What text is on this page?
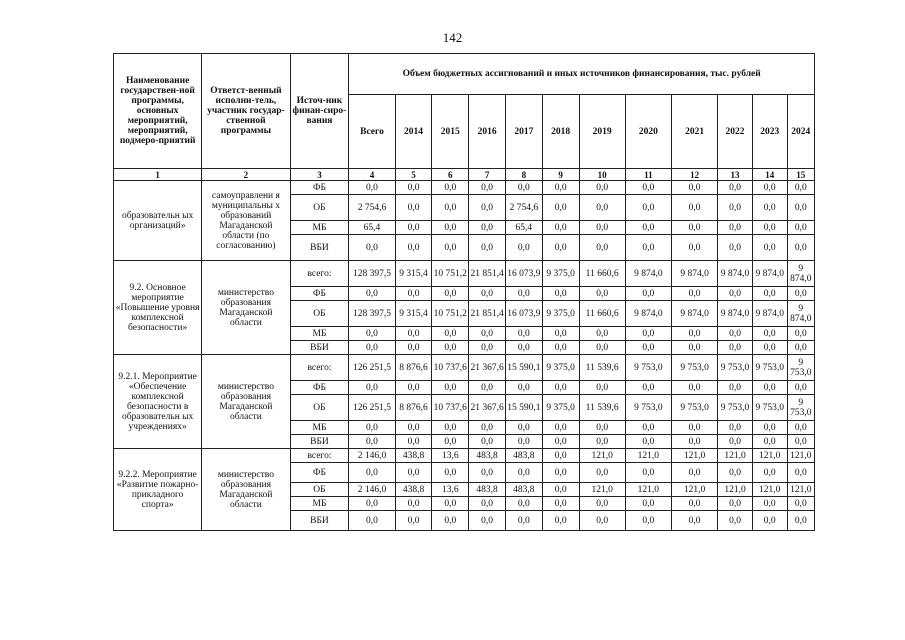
142
Наименование государствен-ной программы, основных мероприятий, мероприятий, подмеро-приятий	Ответст-венный исполни-тель, участник государ-ственной программы	Источ-ник финан-сиро-вания	Объем бюджетных ассигнований и иных источников финансирования, тыс. рублей											
			Всего	2014	2015	2016	2017	2018	2019	2020	2021	2022	2023	2024
1	2	3	4	5	6	7	8	9	10	11	12	13	14	15
образовательн ых организаций»	самоуправлени я муниципальны х образований Магаданской области (по согласованию)	ФБ	0,0	0,0	0,0	0,0	0,0	0,0	0,0	0,0	0,0	0,0	0,0	0,0
		ОБ	2 754,6	0,0	0,0	0,0	2 754,6	0,0	0,0	0,0	0,0	0,0	0,0	0,0
		МБ	65,4	0,0	0,0	0,0	65,4	0,0	0,0	0,0	0,0	0,0	0,0	0,0
		ВБИ	0,0	0,0	0,0	0,0	0,0	0,0	0,0	0,0	0,0	0,0	0,0	0,0
9.2. Основное мероприятие «Повышение уровня комплексной безопасности»	министерство образования Магаданской области	всего:	128 397,5	9 315,4	10 751,2	21 851,4	16 073,9	9 375,0	11 660,6	9 874,0	9 874,0	9 874,0	9 874,0	9 874,0
		ФБ	0,0	0,0	0,0	0,0	0,0	0,0	0,0	0,0	0,0	0,0	0,0	0,0
		ОБ	128 397,5	9 315,4	10 751,2	21 851,4	16 073,9	9 375,0	11 660,6	9 874,0	9 874,0	9 874,0	9 874,0	9 874,0
		МБ	0,0	0,0	0,0	0,0	0,0	0,0	0,0	0,0	0,0	0,0	0,0	0,0
		ВБИ	0,0	0,0	0,0	0,0	0,0	0,0	0,0	0,0	0,0	0,0	0,0	0,0
9.2.1. Мероприятие «Обеспечение комплексной безопасности в образовательн ых учреждениях»	министерство образования Магаданской области	всего:	126 251,5	8 876,6	10 737,6	21 367,6	15 590,1	9 375,0	11 539,6	9 753,0	9 753,0	9 753,0	9 753,0	9 753,0
		ФБ	0,0	0,0	0,0	0,0	0,0	0,0	0,0	0,0	0,0	0,0	0,0	0,0
		ОБ	126 251,5	8 876,6	10 737,6	21 367,6	15 590,1	9 375,0	11 539,6	9 753,0	9 753,0	9 753,0	9 753,0	9 753,0
		МБ	0,0	0,0	0,0	0,0	0,0	0,0	0,0	0,0	0,0	0,0	0,0	0,0
		ВБИ	0,0	0,0	0,0	0,0	0,0	0,0	0,0	0,0	0,0	0,0	0,0	0,0
9.2.2. Мероприятие «Развитие пожарно-прикладного спорта»	министерство образования Магаданской области	всего:	2 146,0	438,8	13,6	483,8	483,8	0,0	121,0	121,0	121,0	121,0	121,0	121,0
		ФБ	0,0	0,0	0,0	0,0	0,0	0,0	0,0	0,0	0,0	0,0	0,0	0,0
		ОБ	2 146,0	438,8	13,6	483,8	483,8	0,0	121,0	121,0	121,0	121,0	121,0	121,0
		МБ	0,0	0,0	0,0	0,0	0,0	0,0	0,0	0,0	0,0	0,0	0,0	0,0
		ВБИ	0,0	0,0	0,0	0,0	0,0	0,0	0,0	0,0	0,0	0,0	0,0	0,0
